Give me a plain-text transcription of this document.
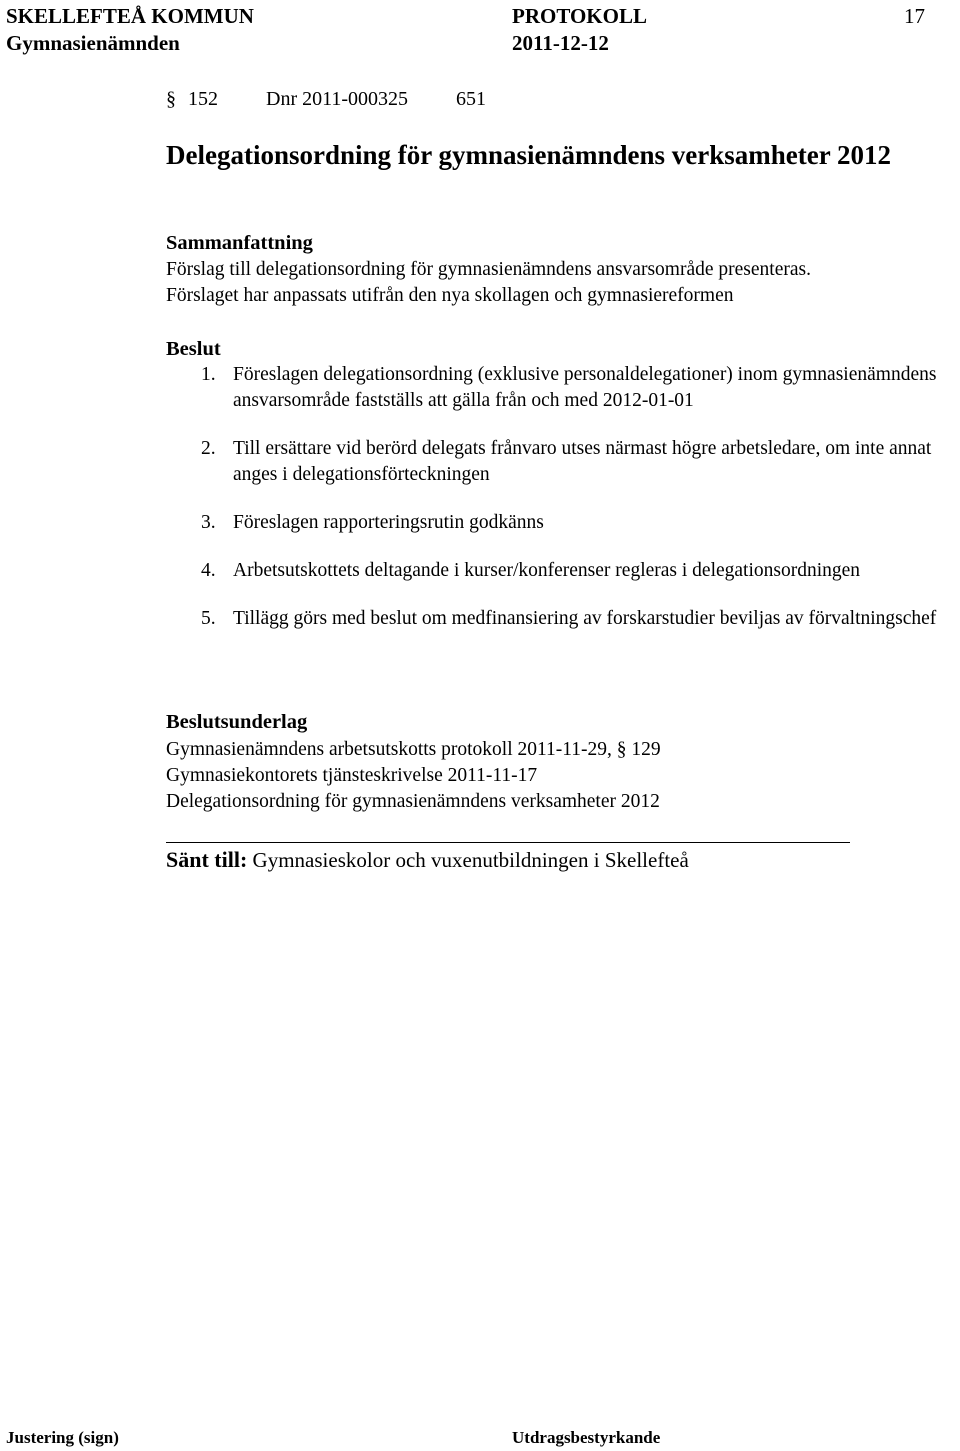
SKELLEFTEÅ KOMMUN	PROTOKOLL	17
Gymnasienämnden	2011-12-12
§ 152 Dnr 2011-000325 651
Delegationsordning för gymnasienämndens verksamheter 2012
Sammanfattning
Förslag till delegationsordning för gymnasienämndens ansvarsområde presenteras.
Förslaget har anpassats utifrån den nya skollagen och gymnasiereformen
Beslut
1. Föreslagen delegationsordning (exklusive personaldelegationer) inom gymnasienämndens ansvarsområde fastställs att gälla från och med 2012-01-01
2. Till ersättare vid berörd delegats frånvaro utses närmast högre arbetsledare, om inte annat anges i delegationsförteckningen
3. Föreslagen rapporteringsrutin godkänns
4. Arbetsutskottets deltagande i kurser/konferenser regleras i delegationsordningen
5. Tillägg görs med beslut om medfinansiering av forskarstudier beviljas av förvaltningschef
Beslutsunderlag
Gymnasienämndens arbetsutskotts protokoll 2011-11-29, § 129
Gymnasiekontorets tjänsteskrivelse 2011-11-17
Delegationsordning för gymnasienämndens verksamheter 2012
Sänt till: Gymnasieskolor och vuxenutbildningen i Skellefteå
Justering (sign)	Utdragsbestyrkande
